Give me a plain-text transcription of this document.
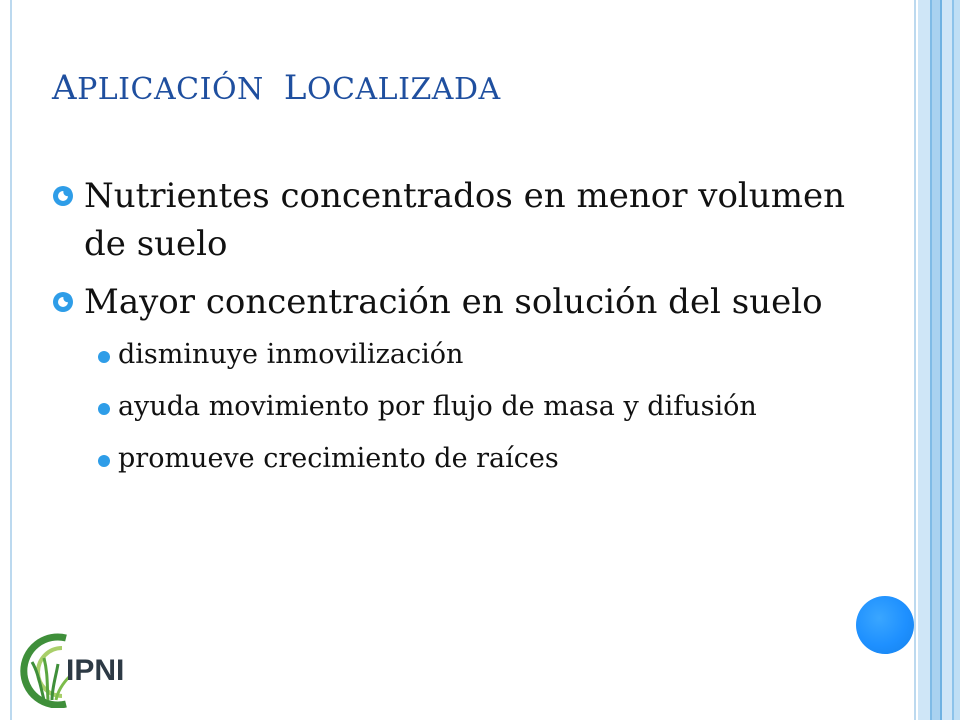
APLICACIÓN LOCALIZADA
Nutrientes concentrados en menor volumen de suelo
Mayor concentración en solución del suelo
disminuye inmovilización
ayuda movimiento por flujo de masa y difusión
promueve crecimiento de raíces
IPNI
